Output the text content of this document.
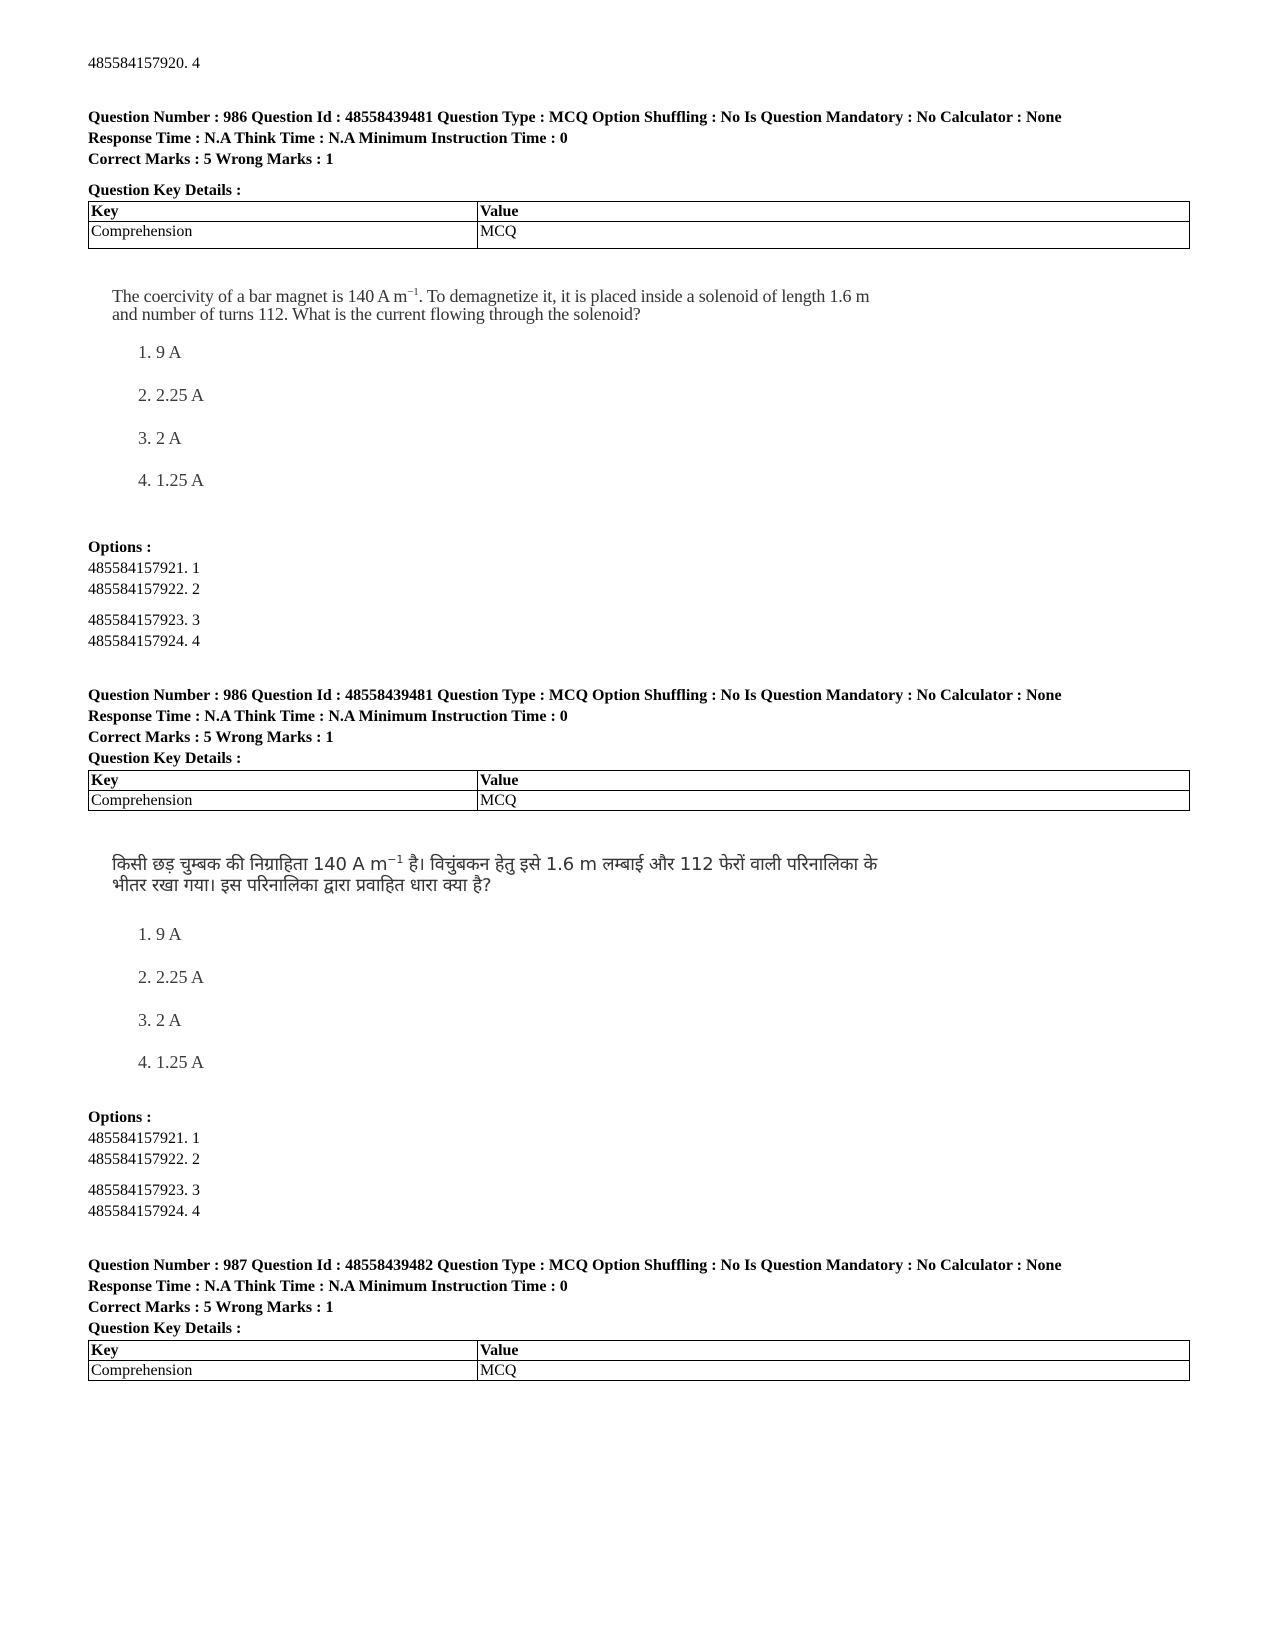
485584157920. 4
Question Number : 986 Question Id : 48558439481 Question Type : MCQ Option Shuffling : No Is Question Mandatory : No Calculator : None
Response Time : N.A Think Time : N.A Minimum Instruction Time : 0
Correct Marks : 5 Wrong Marks : 1
Question Key Details :
Key	Value
Comprehension	MCQ
The coercivity of a bar magnet is 140 A $m^{-1}$. To demagnetize it, it is placed inside a solenoid of length 1.6 m
and number of turns 112. What is the current flowing through the solenoid?
1. 9 A
2. 2.25 A
3. 2 A
4. 1.25 A
Options :
485584157921. 1
485584157922. 2
485584157923. 3
485584157924. 4
Question Number : 986 Question Id : 48558439481 Question Type : MCQ Option Shuffling : No Is Question Mandatory : No Calculator : None
Response Time : N.A Think Time : N.A Minimum Instruction Time : 0
Correct Marks : 5 Wrong Marks : 1
Question Key Details :
Key	Value
Comprehension	MCQ
किसी छड़ चुम्बक की निग्राहिता 140 A $m^{-1}$ है। विचुंबकन हेतु इसे 1.6 m लम्बाई और 112 फेरों वाली परिनालिका के
भीतर रखा गया। इस परिनालिका द्वारा प्रवाहित धारा क्या है?
1. 9 A
2. 2.25 A
3. 2 A
4. 1.25 A
Options :
485584157921. 1
485584157922. 2
485584157923. 3
485584157924. 4
Question Number : 987 Question Id : 48558439482 Question Type : MCQ Option Shuffling : No Is Question Mandatory : No Calculator : None
Response Time : N.A Think Time : N.A Minimum Instruction Time : 0
Correct Marks : 5 Wrong Marks : 1
Question Key Details :
Key	Value
Comprehension	MCQ
